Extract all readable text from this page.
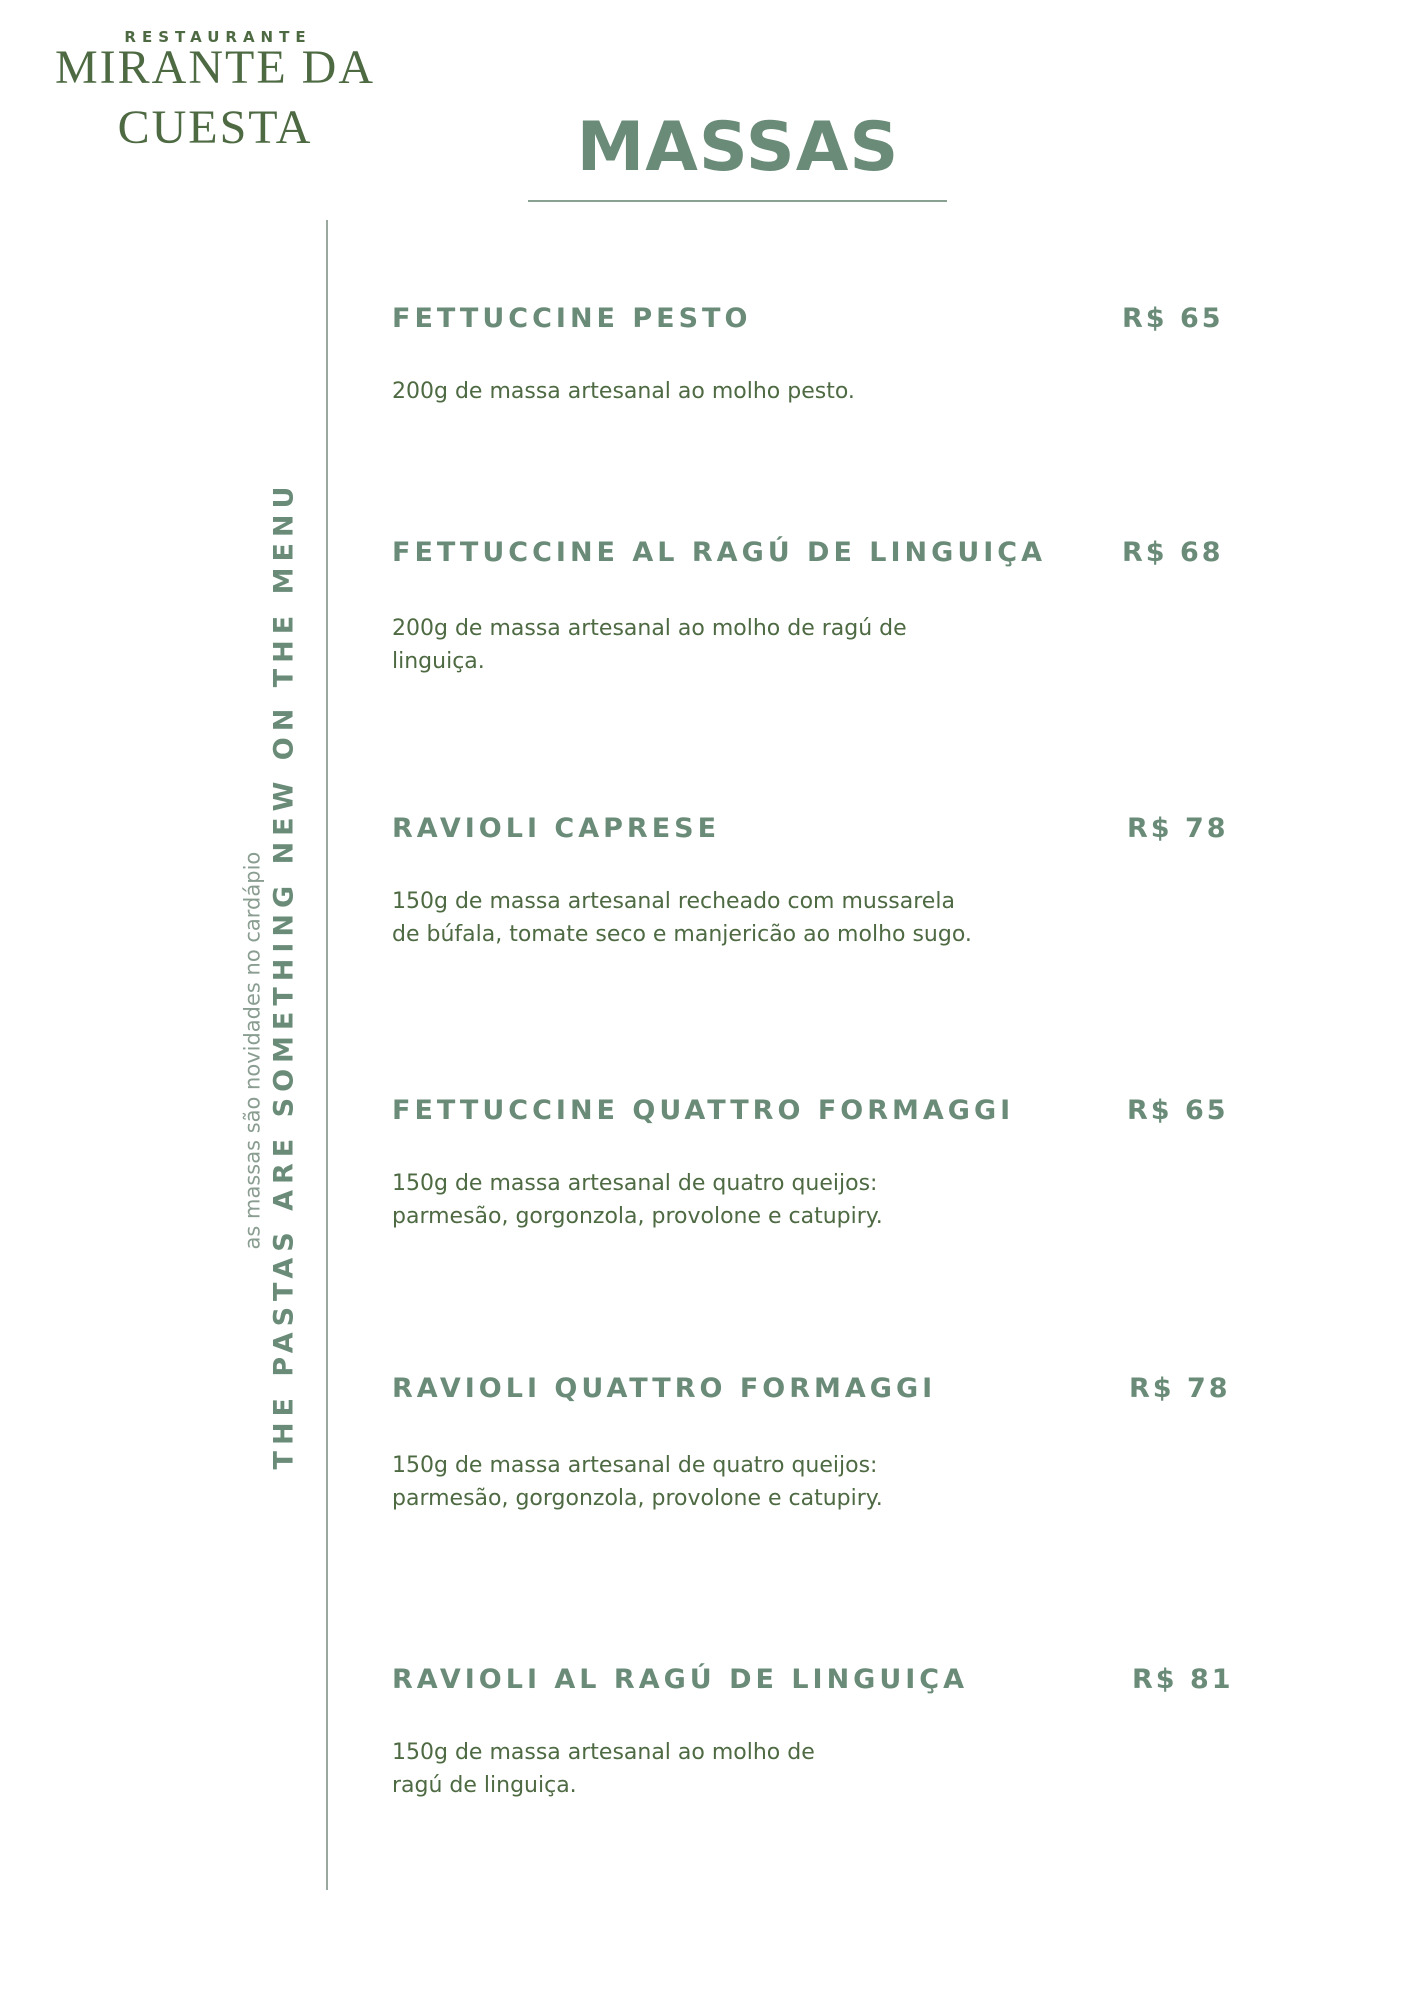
RESTAURANTE
MIRANTE DA CUESTA	MASSAS
as massas são novidades no cardápio THE PASTAS ARE SOMETHING NEW ON THE MENU
FETTUCCINE PESTO	R$ 65

200g de massa artesanal ao molho pesto.

FETTUCCINE AL RAGÚ DE LINGUIÇA	R$ 68

200g de massa artesanal ao molho de ragú de
linguiça.

RAVIOLI CAPRESE	R$ 78

150g de massa artesanal recheado com mussarela
de búfala, tomate seco e manjericão ao molho sugo.

FETTUCCINE QUATTRO FORMAGGI	R$ 65

150g de massa artesanal de quatro queijos:
parmesão, gorgonzola, provolone e catupiry.

RAVIOLI QUATTRO FORMAGGI	R$ 78

150g de massa artesanal de quatro queijos:
parmesão, gorgonzola, provolone e catupiry.

RAVIOLI AL RAGÚ DE LINGUIÇA	R$ 81

150g de massa artesanal ao molho de
ragú de linguiça.
